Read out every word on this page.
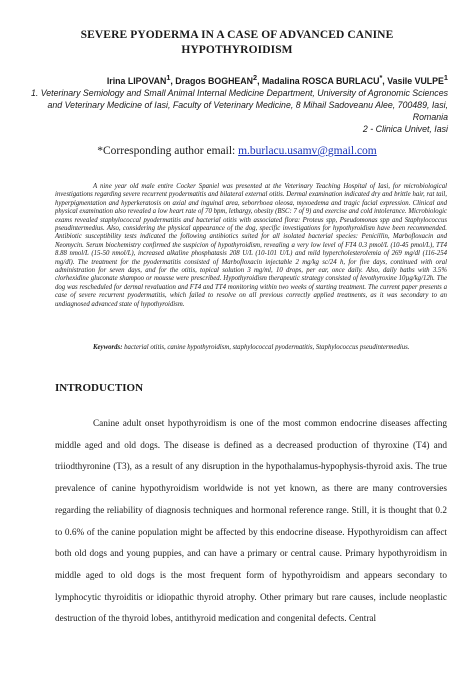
SEVERE PYODERMA IN A CASE OF ADVANCED CANINE HYPOTHYROIDISM
Irina LIPOVAN$^1$, Dragos BOGHEAN$^2$, Madalina ROSCA BURLACU*, Vasile VULPE$^1$
1. Veterinary Semiology and Small Animal Internal Medicine Department, University of Agronomic Sciences and Veterinary Medicine of Iasi, Faculty of Veterinary Medicine, 8 Mihail Sadoveanu Alee, 700489, Iasi, Romania
2 - Clinica Univet, Iasi
*Corresponding author email: m.burlacu.usamv@gmail.com
A nine year old male entire Cocker Spaniel was presented at the Veterinary Teaching Hospital of Iasi, for microbiological investigations regarding severe recurrent pyodermatitis and bilateral external otitis. Dermal examination indicated dry and brittle hair, rat tail, hyperpigmentation and hyperkeratosis on axial and inguinal area, seborrhoea oleosa, myxoedema and tragic facial expression. Clinical and physical examination also revealed a low heart rate of 70 bpm, lethargy, obesity (BSC: 7 of 9) and exercise and cold intolerance. Microbiologic exams revealed staphylococcal pyodermatitis and bacterial otitis with associated flora: Proteus spp, Pseudomonas spp and Staphylococcus pseudintermedius. Also, considering the physical appearance of the dog, specific investigations for hypothyroidism have been recommended. Antibiotic susceptibility tests indicated the following antibiotics suited for all isolated bacterial species: Penicillin, Marbofloxacin and Neomycin. Serum biochemistry confirmed the suspicion of hypothyroidism, revealing a very low level of FT4 0.3 pmol/L (10-45 pmol/L), TT4 8.88 nmol/L (15-50 nmol/L), increased alkaline phosphatasis 208 U/L (10-101 U/L) and mild hypercholesterolemia of 269 mg/dl (116-254 mg/dl). The treatment for the pyodermatitis consisted of Marbofloxacin injectable 2 mg/kg sc/24 h, for five days, continued with oral administration for seven days, and for the otitis, topical solution 3 mg/ml, 10 drops, per ear, once daily. Also, daily baths with 3.5% clorhexidine gluconate shampoo or mousse were prescribed. Hypothyroidism therapeutic strategy consisted of levothyroxine 10µg/kg/12h. The dog was rescheduled for dermal revaluation and FT4 and TT4 monitoring within two weeks of starting treatment. The current paper presents a case of severe recurrent pyodermatitis, which failed to resolve on all previous correctly applied treatments, as it was secondary to an undiagnosed advanced state of hypothyroidism.
Keywords: bacterial otitis, canine hypothyroidism, staphylococcal pyodermatitis, Staphylococcus pseudintermedius.
INTRODUCTION
Canine adult onset hypothyroidism is one of the most common endocrine diseases affecting middle aged and old dogs. The disease is defined as a decreased production of thyroxine (T4) and triiodthyronine (T3), as a result of any disruption in the hypothalamus-hypophysis-thyroid axis. The true prevalence of canine hypothyroidism worldwide is not yet known, as there are many controversies regarding the reliability of diagnosis techniques and hormonal reference range. Still, it is thought that 0.2 to 0.6% of the canine population might be affected by this endocrine disease. Hypothyroidism can affect both old dogs and young puppies, and can have a primary or central cause. Primary hypothyroidism in middle aged to old dogs is the most frequent form of hypothyroidism and appears secondary to lymphocytic thyroiditis or idiopathic thyroid atrophy. Other primary but rare causes, include neoplastic destruction of the thyroid lobes, antithyroid medication and congenital defects. Central
